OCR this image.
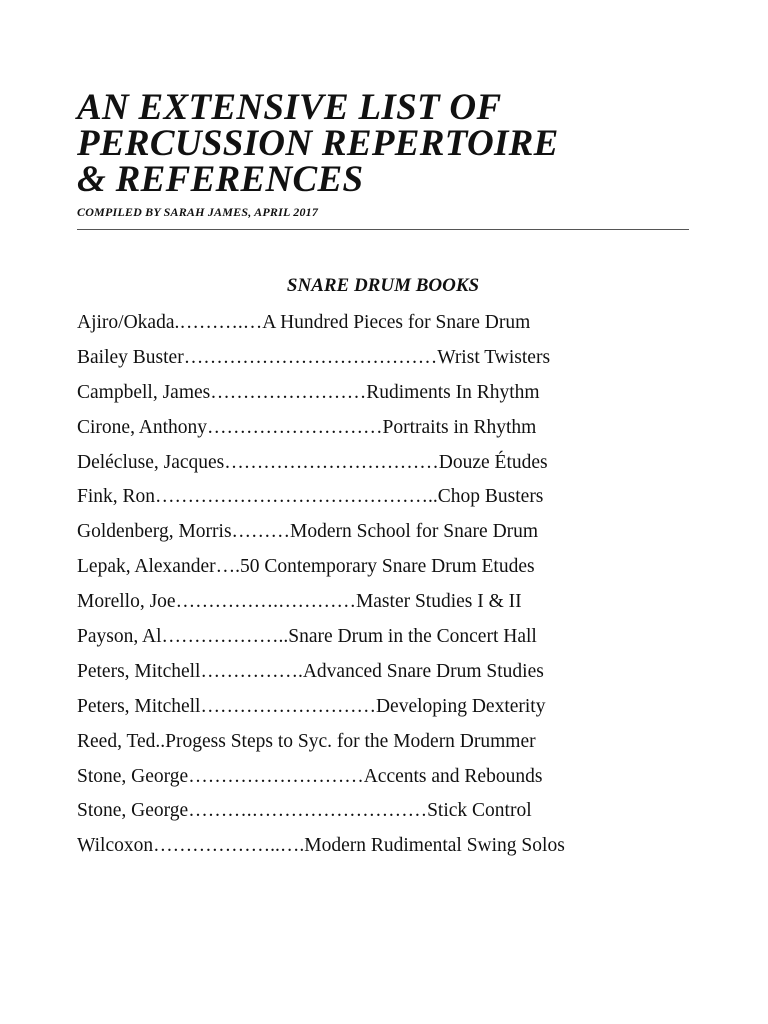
AN EXTENSIVE LIST OF
PERCUSSION REPERTOIRE
& REFERENCES
COMPILED BY SARAH JAMES, APRIL 2017
SNARE DRUM BOOKS
Ajiro/Okada.……….…A Hundred Pieces for Snare Drum
Bailey Buster…………………………………Wrist Twisters
Campbell, James……………………Rudiments In Rhythm
Cirone, Anthony………………………Portraits in Rhythm
Delécluse, Jacques……………………………Douze Études
Fink, Ron……………………………………..Chop Busters
Goldenberg, Morris………Modern School for Snare Drum
Lepak, Alexander….50 Contemporary Snare Drum Etudes
Morello, Joe…………….…………Master Studies I & II
Payson, Al………………..Snare Drum in the Concert Hall
Peters, Mitchell…………….Advanced Snare Drum Studies
Peters, Mitchell………………………Developing Dexterity
Reed, Ted..Progess Steps to Syc. for the Modern Drummer
Stone, George………………………Accents and Rebounds
Stone, George……….………………………Stick Control
Wilcoxon………………..….Modern Rudimental Swing Solos
